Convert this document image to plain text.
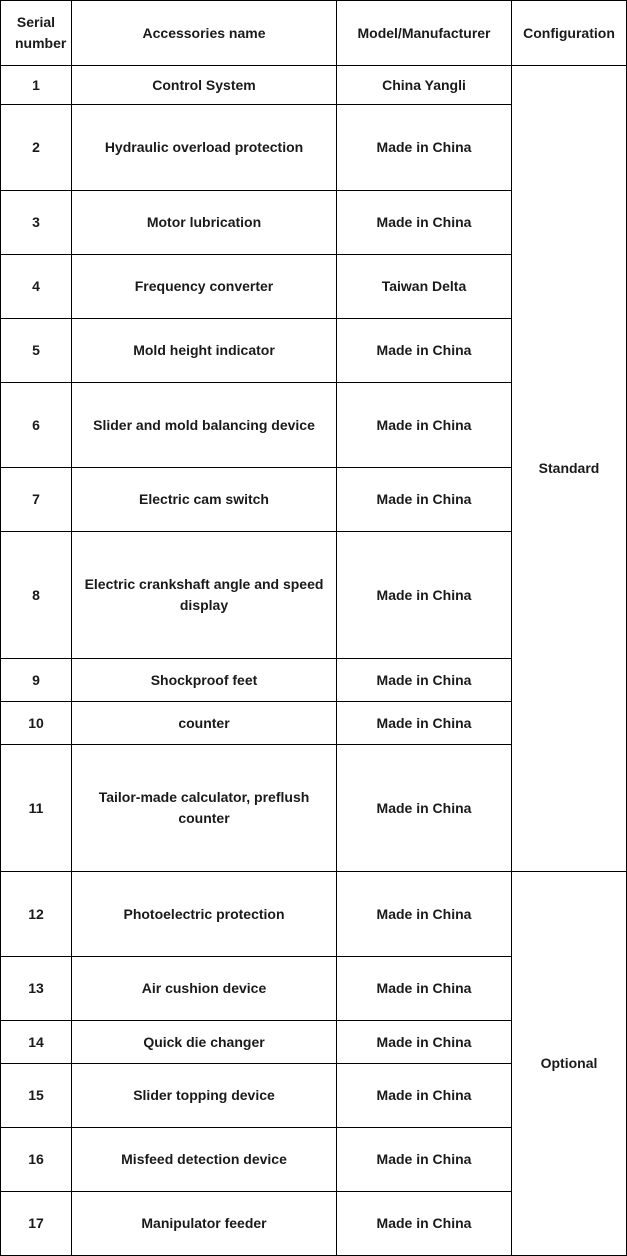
Serial number	Accessories name	Model/Manufacturer	Configuration
1	Control System	China Yangli	Standard
2	Hydraulic overload protection	Made in China	
3	Motor lubrication	Made in China	
4	Frequency converter	Taiwan Delta	
5	Mold height indicator	Made in China	
6	Slider and mold balancing device	Made in China	
7	Electric cam switch	Made in China	
8	Electric crankshaft angle and speed display	Made in China	
9	Shockproof feet	Made in China	
10	counter	Made in China	
11	Tailor-made calculator, preflush counter	Made in China	
12	Photoelectric protection	Made in China	Optional
13	Air cushion device	Made in China	
14	Quick die changer	Made in China	
15	Slider topping device	Made in China	
16	Misfeed detection device	Made in China	
17	Manipulator feeder	Made in China	
